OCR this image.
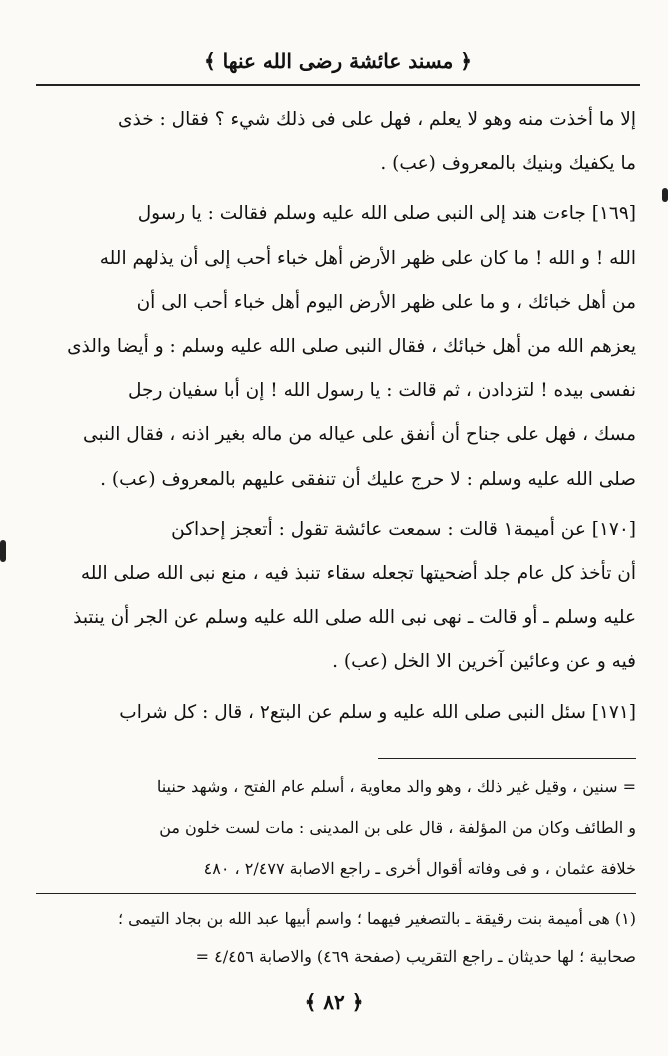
﴿ مسند عائشة رضى الله عنها ﴾

إلا ما أخذت منه وهو لا يعلم ، فهل على فى ذلك شيء ؟ فقال : خذى

ما يكفيك وبنيك بالمعروف (عب) .

[١٦٩] جاءت هند إلى النبى صلى الله عليه وسلم فقالت : يا رسول

الله ! و الله ! ما كان على ظهر الأرض أهل خباء أحب إلى أن يذلهم الله

من أهل خبائك ، و ما على ظهر الأرض اليوم أهل خباء أحب الى أن

يعزهم الله من أهل خبائك ، فقال النبى صلى الله عليه وسلم : و أيضا والذى

نفسى بيده ! لتزدادن ، ثم قالت : يا رسول الله ! إن أبا سفيان رجل

مسك ، فهل على جناح أن أنفق على عياله من ماله بغير اذنه ، فقال النبى

صلى الله عليه وسلم : لا حرج عليك أن تنفقى عليهم بالمعروف (عب) .

[١٧٠] عن أميمة١ قالت : سمعت عائشة تقول : أتعجز إحداكن

أن تأخذ كل عام جلد أضحيتها تجعله سقاء تنبذ فيه ، منع نبى الله صلى الله

عليه وسلم ـ أو قالت ـ نهى نبى الله صلى الله عليه وسلم عن الجر أن ينتبذ

فيه و عن وعائين آخرين الا الخل (عب) .

[١٧١] سئل النبى صلى الله عليه و سلم عن البتع٢ ، قال : كل شراب

= سنين ، وقيل غير ذلك ، وهو والد معاوية ، أسلم عام الفتح ، وشهد حنينا

و الطائف وكان من المؤلفة ، قال على بن المدينى : مات لست خلون من

خلافة عثمان ، و فى وفاته أقوال أخرى ـ راجع الاصابة ٢/٤٧٧ ، ٤٨٠

(١) هى أميمة بنت رقيقة ـ بالتصغير فيهما ؛ واسم أبيها عبد الله بن بجاد التيمى ؛

صحابية ؛ لها حديثان ـ راجع التقريب (صفحة ٤٦٩) والاصابة ٤/٤٥٦ =

﴿ ٨٢ ﴾
